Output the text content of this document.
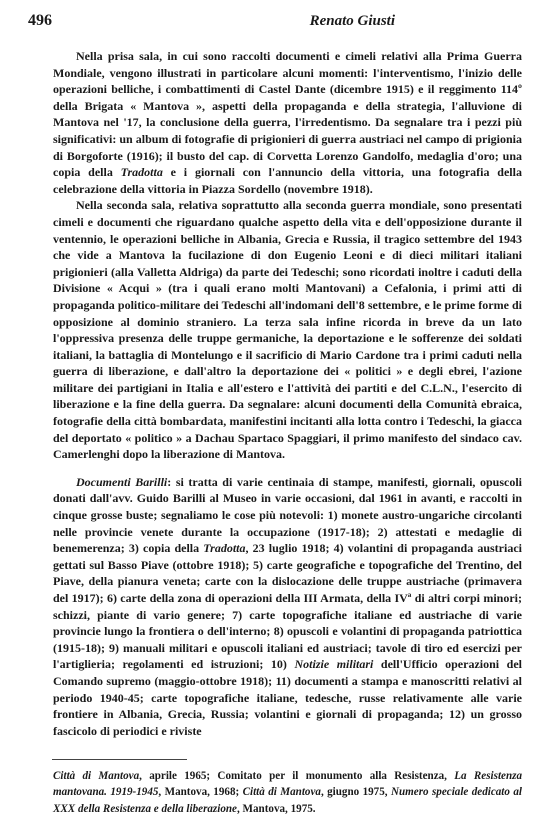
496	Renato Giusti

Nella prisa sala, in cui sono raccolti documenti e cimeli relativi alla Prima Guerra Mondiale, vengono illustrati in particolare alcuni momenti: l'interventismo, l'inizio delle operazioni belliche, i combattimenti di Castel Dante (dicembre 1915) e il reggimento 114º della Brigata « Mantova », aspetti della propaganda e della strategia, l'alluvione di Mantova nel '17, la conclusione della guerra, l'irredentismo. Da segnalare tra i pezzi più significativi: un album di fotografie di prigionieri di guerra austriaci nel campo di prigionia di Borgoforte (1916); il busto del cap. di Corvetta Lorenzo Gandolfo, medaglia d'oro; una copia della Tradotta e i giornali con l'annuncio della vittoria, una fotografia della celebrazione della vittoria in Piazza Sordello (novembre 1918).

Nella seconda sala, relativa soprattutto alla seconda guerra mondiale, sono presentati cimeli e documenti che riguardano qualche aspetto della vita e dell'opposizione durante il ventennio, le operazioni belliche in Albania, Grecia e Russia, il tragico settembre del 1943 che vide a Mantova la fucilazione di don Eugenio Leoni e di dieci militari italiani prigionieri (alla Valletta Aldriga) da parte dei Tedeschi; sono ricordati inoltre i caduti della Divisione « Acqui » (tra i quali erano molti Mantovani) a Cefalonia, i primi atti di propaganda politico-militare dei Tedeschi all'indomani dell'8 settembre, e le prime forme di opposizione al dominio straniero. La terza sala infine ricorda in breve da un lato l'oppressiva presenza delle truppe germaniche, la deportazione e le sofferenze dei soldati italiani, la battaglia di Montelungo e il sacrificio di Mario Cardone tra i primi caduti nella guerra di liberazione, e dall'altro la deportazione dei « politici » e degli ebrei, l'azione militare dei partigiani in Italia e all'estero e l'attività dei partiti e del C.L.N., l'esercito di liberazione e la fine della guerra. Da segnalare: alcuni documenti della Comunità ebraica, fotografie della città bombardata, manifestini incitanti alla lotta contro i Tedeschi, la giacca del deportato « politico » a Dachau Spartaco Spaggiari, il primo manifesto del sindaco cav. Camerlenghi dopo la liberazione di Mantova.

Documenti Barilli: si tratta di varie centinaia di stampe, manifesti, giornali, opuscoli donati dall'avv. Guido Barilli al Museo in varie occasioni, dal 1961 in avanti, e raccolti in cinque grosse buste; segnaliamo le cose più notevoli: 1) monete austro-ungariche circolanti nelle provincie venete durante la occupazione (1917-18); 2) attestati e medaglie di benemerenza; 3) copia della Tradotta, 23 luglio 1918; 4) volantini di propaganda austriaci gettati sul Basso Piave (ottobre 1918); 5) carte geografiche e topografiche del Trentino, del Piave, della pianura veneta; carte con la dislocazione delle truppe austriache (primavera del 1917); 6) carte della zona di operazioni della III Armata, della IVª di altri corpi minori; schizzi, piante di vario genere; 7) carte topografiche italiane ed austriache di varie provincie lungo la frontiera o dell'interno; 8) opuscoli e volantini di propaganda patriottica (1915-18); 9) manuali militari e opuscoli italiani ed austriaci; tavole di tiro ed esercizi per l'artiglieria; regolamenti ed istruzioni; 10) Notizie militari dell'Ufficio operazioni del Comando supremo (maggio-ottobre 1918); 11) documenti a stampa e manoscritti relativi al periodo 1940-45; carte topografiche italiane, tedesche, russe relativamente alle varie frontiere in Albania, Grecia, Russia; volantini e giornali di propaganda; 12) un grosso fascicolo di periodici e riviste

Città di Mantova, aprile 1965; Comitato per il monumento alla Resistenza, La Resistenza mantovana. 1919-1945, Mantova, 1968; Città di Mantova, giugno 1975, Numero speciale dedicato al XXX della Resistenza e della liberazione, Mantova, 1975.
